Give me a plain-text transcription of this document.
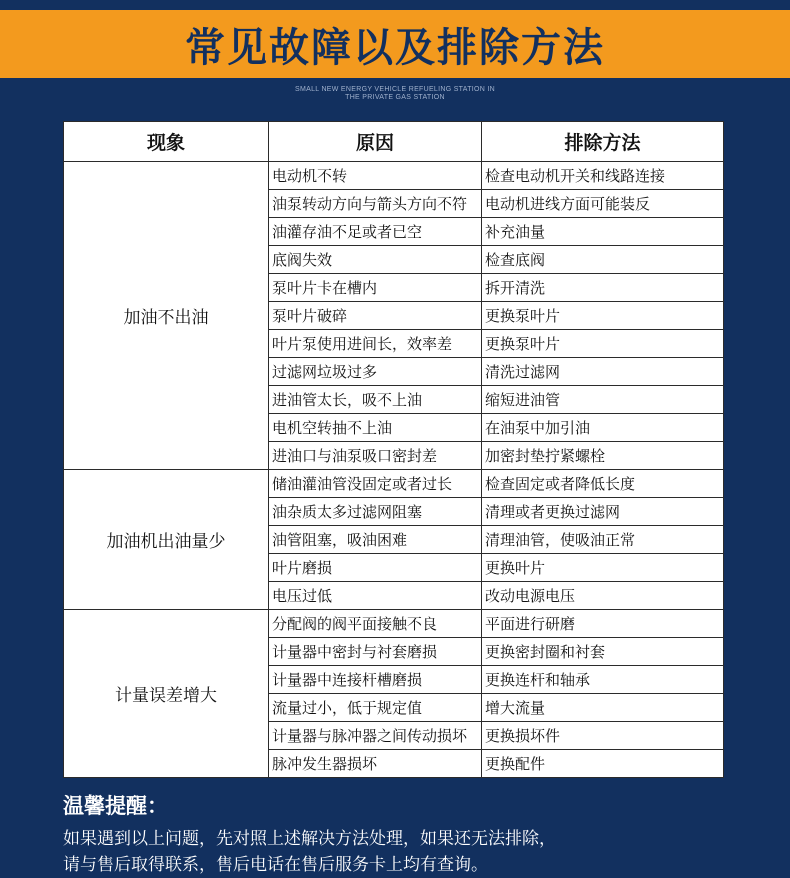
常见故障以及排除方法
SMALL NEW ENERGY VEHICLE REFUELING STATION IN
THE PRIVATE GAS STATION
现象	原因	排除方法
加油不出油	电动机不转	检查电动机开关和线路连接
	油泵转动方向与箭头方向不符	电动机进线方面可能装反
	油灌存油不足或者已空	补充油量
	底阀失效	检查底阀
	泵叶片卡在槽内	拆开清洗
	泵叶片破碎	更换泵叶片
	叶片泵使用进间长，效率差	更换泵叶片
	过滤网垃圾过多	清洗过滤网
	进油管太长，吸不上油	缩短进油管
	电机空转抽不上油	在油泵中加引油
	进油口与油泵吸口密封差	加密封垫拧紧螺栓
加油机出油量少	储油灌油管没固定或者过长	检查固定或者降低长度
	油杂质太多过滤网阻塞	清理或者更换过滤网
	油管阻塞，吸油困难	清理油管，使吸油正常
	叶片磨损	更换叶片
	电压过低	改动电源电压
计量误差增大	分配阀的阀平面接触不良	平面进行研磨
	计量器中密封与衬套磨损	更换密封圈和衬套
	计量器中连接杆槽磨损	更换连杆和轴承
	流量过小，低于规定值	增大流量
	计量器与脉冲器之间传动损坏	更换损坏件
	脉冲发生器损坏	更换配件
温馨提醒：
如果遇到以上问题，先对照上述解决方法处理，如果还无法排除，
请与售后取得联系，售后电话在售后服务卡上均有查询。
